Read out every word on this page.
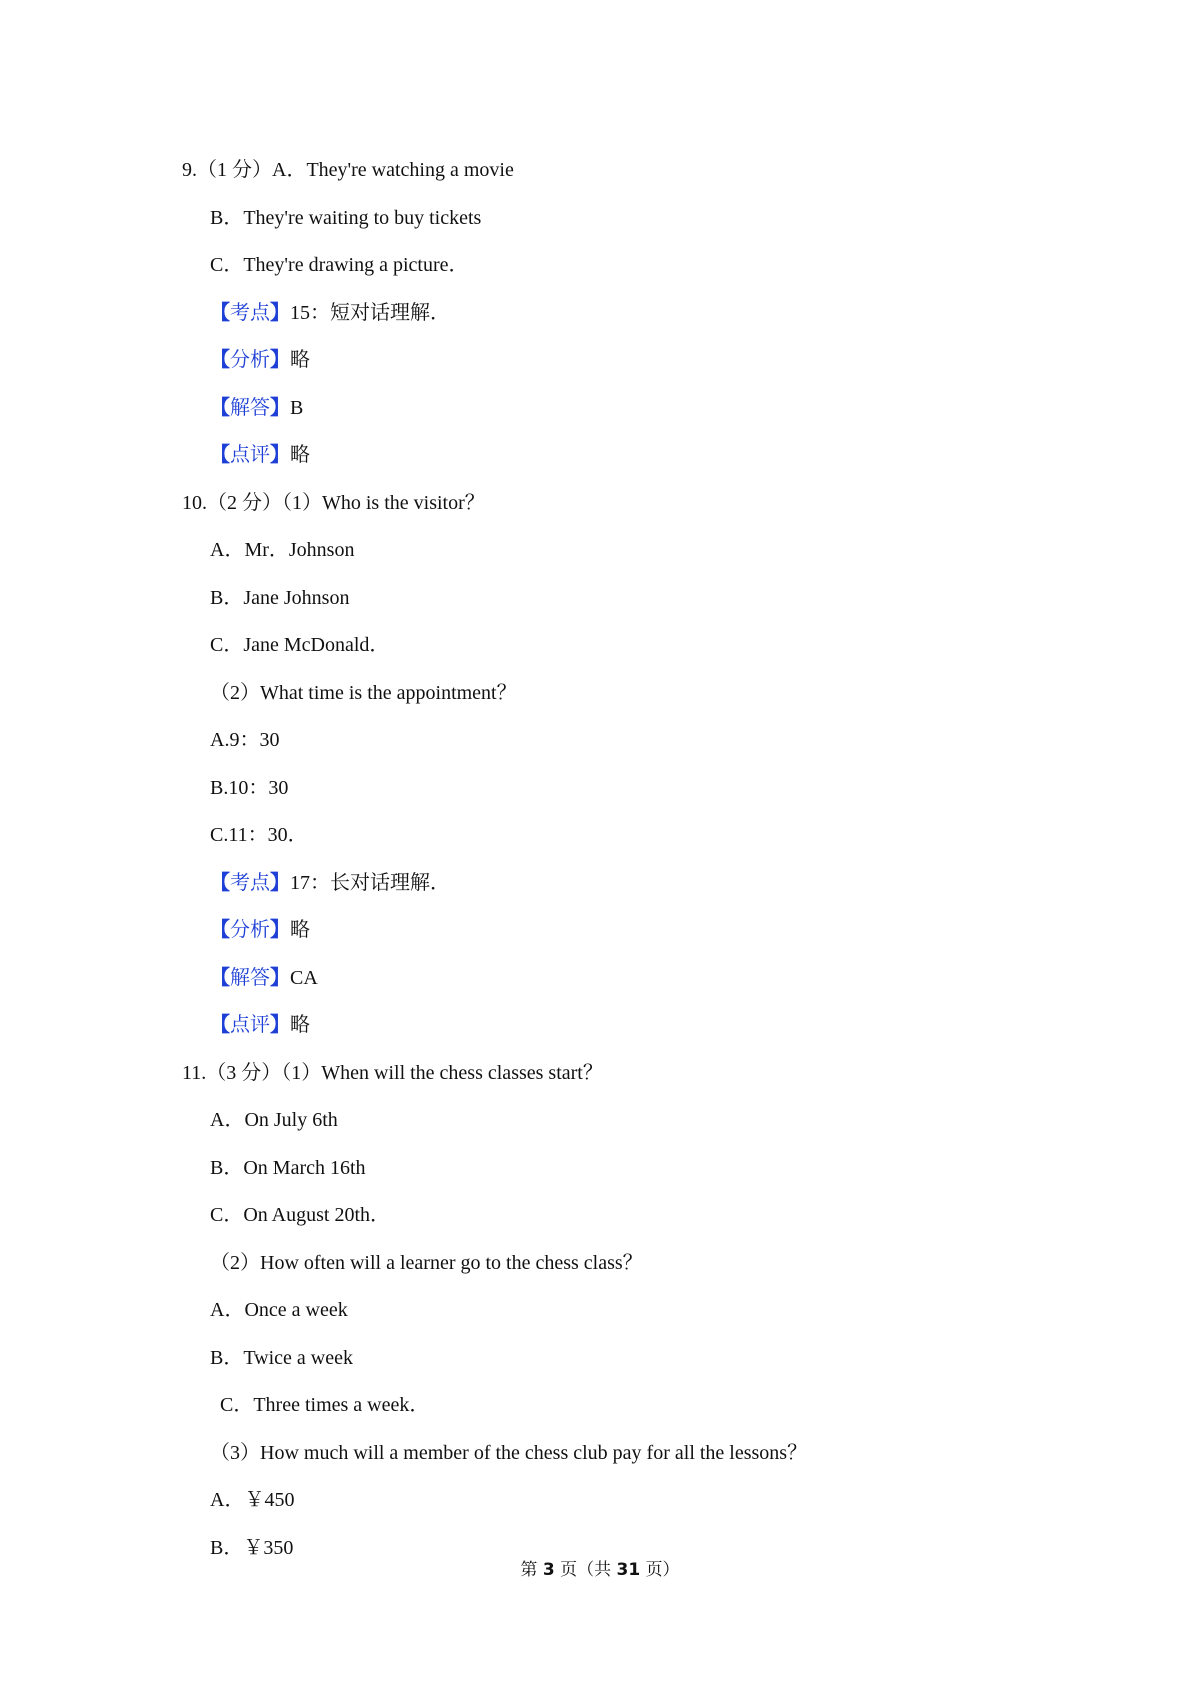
9.（1 分）A．They're watching a movie
B．They're waiting to buy tickets
C．They're drawing a picture．
【考点】15：短对话理解．
【分析】略
【解答】B
【点评】略
10.（2 分）（1）Who is the visitor？
A．Mr．Johnson
B．Jane Johnson
C．Jane McDonald．
（2）What time is the appointment？
A.9：30
B.10：30
C.11：30．
【考点】17：长对话理解．
【分析】略
【解答】CA
【点评】略
11.（3 分）（1）When will the chess classes start？
A．On July 6th
B．On March 16th
C．On August 20th．
（2）How often will a learner go to the chess class？
A．Once a week
B．Twice a week
C．Three times a week．
（3）How much will a member of the chess club pay for all the lessons？
A．￥450
B．￥350
第 3 页（共 31 页）
